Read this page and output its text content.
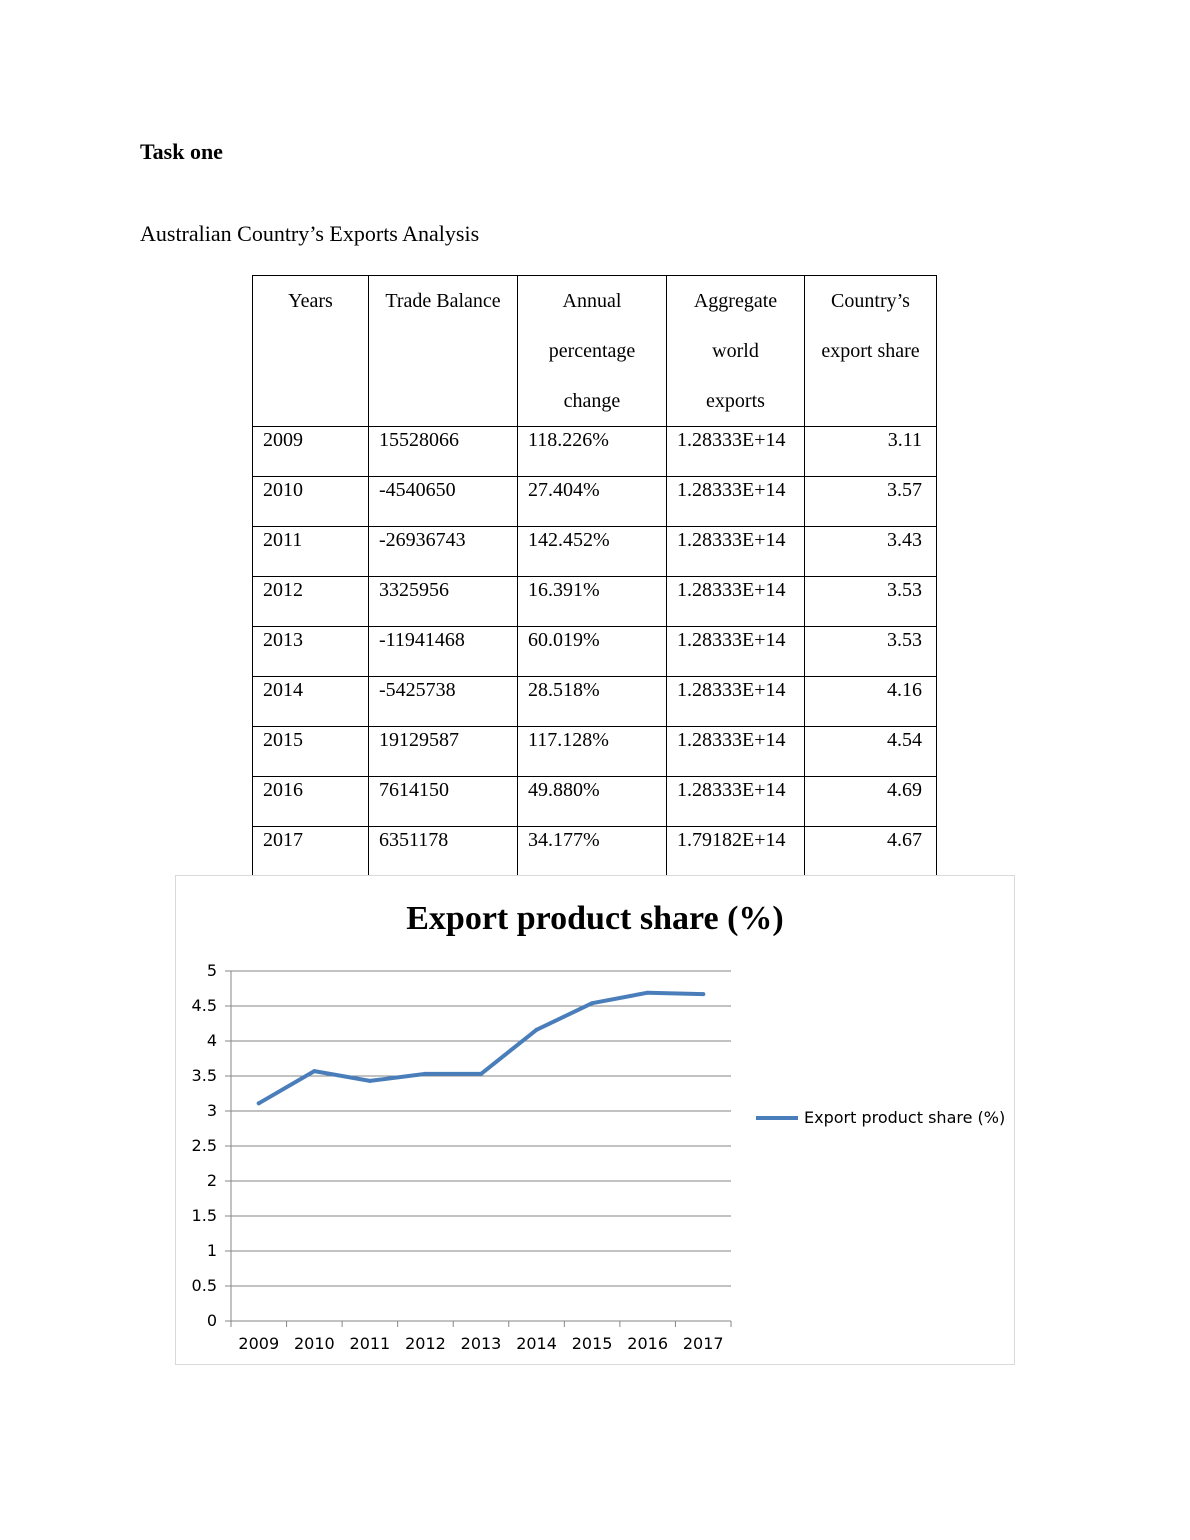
Task one
Australian Country’s Exports Analysis
Years	Trade Balance	Annual
percentage
change	Aggregate
world
exports	Country’s
export share

2009	15528066	118.226%	1.28333E+14	3.11
2010	-4540650	27.404%	1.28333E+14	3.57
2011	-26936743	142.452%	1.28333E+14	3.43
2012	3325956	16.391%	1.28333E+14	3.53
2013	-11941468	60.019%	1.28333E+14	3.53
2014	-5425738	28.518%	1.28333E+14	4.16
2015	19129587	117.128%	1.28333E+14	4.54
2016	7614150	49.880%	1.28333E+14	4.69
2017	6351178	34.177%	1.79182E+14	4.67
0
0.5
1
1.5
2
2.5
3
3.5
4
4.5
5
2009 2010 2011 2012 2013 2014 2015 2016 2017
Export product share (%)
Export product share (%)
